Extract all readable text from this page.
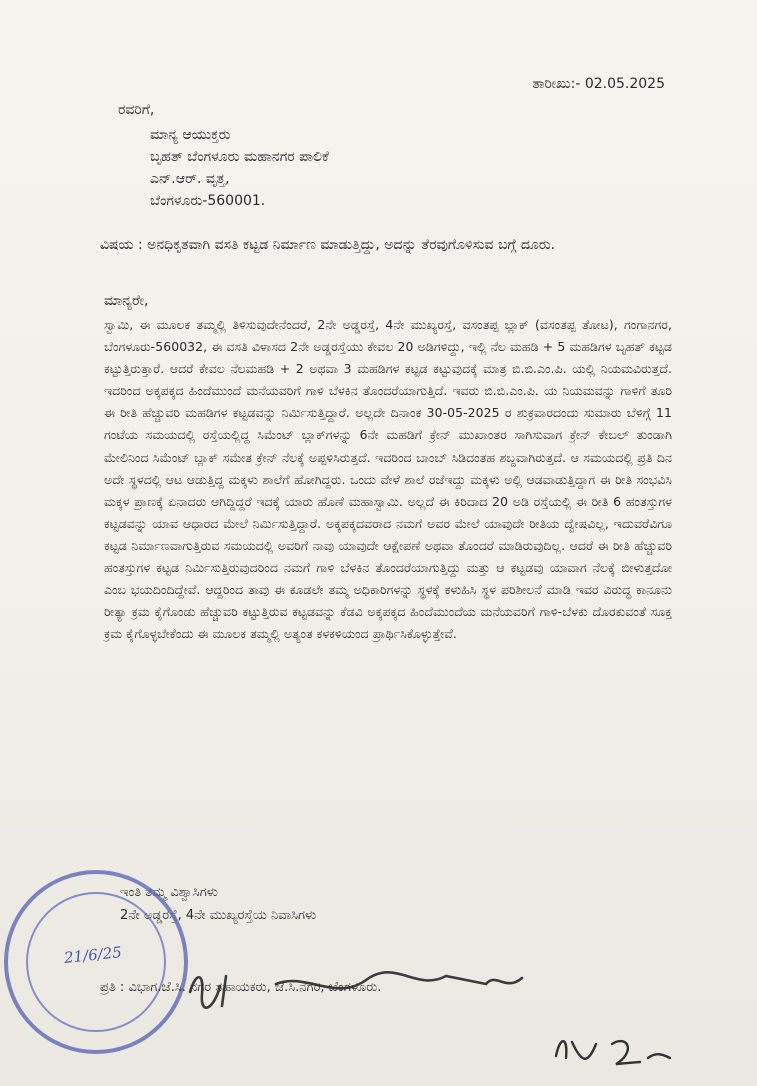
ತಾರೀಖು:- 02.05.2025
ರವರಿಗೆ,
ಮಾನ್ಯ ಆಯುಕ್ತರು
ಬೃಹತ್ ಬೆಂಗಳೂರು ಮಹಾನಗರ ಪಾಲಿಕೆ
ಎನ್.ಆರ್. ವೃತ್ತ,
ಬೆಂಗಳೂರು-560001.
ವಿಷಯ : ಅನಧಿಕೃತವಾಗಿ ವಸತಿ ಕಟ್ಟಡ ನಿರ್ಮಾಣ ಮಾಡುತ್ತಿದ್ದು, ಅದನ್ನು ತೆರವುಗೊಳಿಸುವ ಬಗ್ಗೆ ದೂರು.
ಮಾನ್ಯರೇ,
ಸ್ವಾಮಿ, ಈ ಮೂಲಕ ತಮ್ಮಲ್ಲಿ ತಿಳಿಸುವುದೇನೆಂದರೆ, 2ನೇ ಅಡ್ಡರಸ್ತೆ, 4ನೇ ಮುಖ್ಯರಸ್ತೆ, ವಸಂತಪ್ಪ ಬ್ಲಾಕ್ (ವಸಂತಪ್ಪ ತೋಟ), ಗಂಗಾನಗರ, ಬೆಂಗಳೂರು-560032, ಈ ವಸತಿ ವಿಳಾಸದ 2ನೇ ಅಡ್ಡರಸ್ತೆಯು ಕೇವಲ 20 ಅಡಿಗಳಿದ್ದು, ಇಲ್ಲಿ ನೆಲ ಮಹಡಿ + 5 ಮಹಡಿಗಳ ಬೃಹತ್ ಕಟ್ಟಡ ಕಟ್ಟುತ್ತಿರುತ್ತಾರೆ. ಆದರೆ ಕೇವಲ ನೆಲಮಹಡಿ + 2 ಅಥವಾ 3 ಮಹಡಿಗಳ ಕಟ್ಟಡ ಕಟ್ಟುವುದಕ್ಕೆ ಮಾತ್ರ ಬಿ.ಬಿ.ಎಂ.ಪಿ. ಯಲ್ಲಿ ನಿಯಮವಿರುತ್ತದೆ. ಇದರಿಂದ ಅಕ್ಕಪಕ್ಕದ ಹಿಂದೆಮುಂದೆ ಮನೆಯವರಿಗೆ ಗಾಳಿ ಬೆಳಕಿನ ತೊಂದರೆಯಾಗುತ್ತಿದೆ. ಇವರು ಬಿ.ಬಿ.ಎಂ.ಪಿ. ಯ ನಿಯಮವನ್ನು ಗಾಳಿಗೆ ತೂರಿ ಈ ರೀತಿ ಹೆಚ್ಚುವರಿ ಮಹಡಿಗಳ ಕಟ್ಟಡವನ್ನು ನಿರ್ಮಿಸುತ್ತಿದ್ದಾರೆ. ಅಲ್ಲದೇ ದಿನಾಂಕ 30-05-2025 ರ ಶುಕ್ರವಾರದಂದು ಸುಮಾರು ಬೆಳಿಗ್ಗೆ 11 ಗಂಟೆಯ ಸಮಯದಲ್ಲಿ ರಸ್ತೆಯಲ್ಲಿದ್ದ ಸಿಮೆಂಟ್ ಬ್ಲಾಕ್‌ಗಳನ್ನು 6ನೇ ಮಹಡಿಗೆ ಕ್ರೇನ್ ಮುಖಾಂತರ ಸಾಗಿಸುವಾಗ ಕ್ರೇನ್ ಕೇಬಲ್ ತುಂಡಾಗಿ ಮೇಲಿನಿಂದ ಸಿಮೆಂಟ್ ಬ್ಲಾಕ್ ಸಮೇತ ಕ್ರೇನ್ ನೆಲಕ್ಕೆ ಅಪ್ಪಳಿಸಿರುತ್ತದೆ. ಇದರಿಂದ ಬಾಂಬ್ ಸಿಡಿದಂತಹ ಶಬ್ದವಾಗಿರುತ್ತದೆ. ಆ ಸಮಯದಲ್ಲಿ ಪ್ರತಿ ದಿನ ಅದೇ ಸ್ಥಳದಲ್ಲಿ ಆಟ ಆಡುತ್ತಿದ್ದ ಮಕ್ಕಳು ಶಾಲೆಗೆ ಹೋಗಿದ್ದರು. ಒಂದು ವೇಳೆ ಶಾಲೆ ರಜೆಇದ್ದು ಮಕ್ಕಳು ಅಲ್ಲಿ ಆಡವಾಡುತ್ತಿದ್ದಾಗ ಈ ರೀತಿ ಸಂಭವಿಸಿ ಮಕ್ಕಳ ಪ್ರಾಣಕ್ಕೆ ಏನಾದರು ಆಗಿದ್ದಿದ್ದರೆ ಇದಕ್ಕೆ ಯಾರು ಹೊಣೆ ಮಹಾಸ್ವಾಮಿ. ಅಲ್ಲದೆ ಈ ಕಿರಿದಾದ 20 ಅಡಿ ರಸ್ತೆಯಲ್ಲಿ ಈ ರೀತಿ 6 ಹಂತಸ್ತುಗಳ ಕಟ್ಟಡವನ್ನು ಯಾವ ಆಧಾರದ ಮೇಲೆ ನಿರ್ಮಿಸುತ್ತಿದ್ದಾರೆ. ಅಕ್ಕಪಕ್ಕದವರಾದ ನಮಗೆ ಅವರ ಮೇಲೆ ಯಾವುದೇ ರೀತಿಯ ದ್ವೇಷವಿಲ್ಲ, ಇದುವರೆವಿಗೂ ಕಟ್ಟಡ ನಿರ್ಮಾಣವಾಗುತ್ತಿರುವ ಸಮಯದಲ್ಲಿ ಅವರಿಗೆ ನಾವು ಯಾವುದೇ ಆಕ್ಷೇಪಣೆ ಅಥವಾ ತೊಂದರೆ ಮಾಡಿರುವುದಿಲ್ಲ. ಆದರೆ ಈ ರೀತಿ ಹೆಚ್ಚುವರಿ ಹಂತಸ್ತುಗಳ ಕಟ್ಟಡ ನಿರ್ಮಿಸುತ್ತಿರುವುದರಿಂದ ನಮಗೆ ಗಾಳಿ ಬೆಳಕಿನ ತೊಂದರೆಯಾಗುತ್ತಿದ್ದು ಮತ್ತು ಆ ಕಟ್ಟಡವು ಯಾವಾಗ ನೆಲಕ್ಕೆ ಬೀಳುತ್ತದೋ ಎಂಬ ಭಯದಿಂದಿದ್ದೇವೆ. ಆದ್ದರಿಂದ ತಾವು ಈ ಕೂಡಲೇ ತಮ್ಮ ಅಧಿಕಾರಿಗಳನ್ನು ಸ್ಥಳಕ್ಕೆ ಕಳುಹಿಸಿ ಸ್ಥಳ ಪರಿಶೀಲನೆ ಮಾಡಿ ಇವರ ವಿರುದ್ಧ ಕಾನೂನು ರೀತ್ಯಾ ಕ್ರಮ ಕೈಗೊಂಡು ಹೆಚ್ಚುವರಿ ಕಟ್ಟುತ್ತಿರುವ ಕಟ್ಟಡವನ್ನು ಕೆಡವಿ ಅಕ್ಕಪಕ್ಕದ ಹಿಂದೆಮುಂದೆಯ ಮನೆಯವರಿಗೆ ಗಾಳಿ-ಬೆಳಕು ದೊರಕುವಂತೆ ಸೂಕ್ತ ಕ್ರಮ ಕೈಗೊಳ್ಳಬೇಕೆಂದು ಈ ಮೂಲಕ ತಮ್ಮಲ್ಲಿ ಅತ್ಯಂತ ಕಳಕಳಿಯಂದ ಪ್ರಾರ್ಥಿಸಿಕೊಳ್ಳುತ್ತೇವೆ.
ಇಂತಿ ತಮ್ಮ ವಿಶ್ವಾಸಿಗಳು
2ನೇ ಅಡ್ಡರಸ್ತೆ, 4ನೇ ಮುಖ್ಯರಸ್ತೆಯ ನಿವಾಸಿಗಳು
21/6/25
ಪ್ರತಿ : ವಿಭಾಗ.ಜೆ.ಸಿ. ನಗರ ಸಹಾಯಕರು, ಜೆ.ಸಿ.ನಗರ, ಬೆಂಗಳೂರು.
